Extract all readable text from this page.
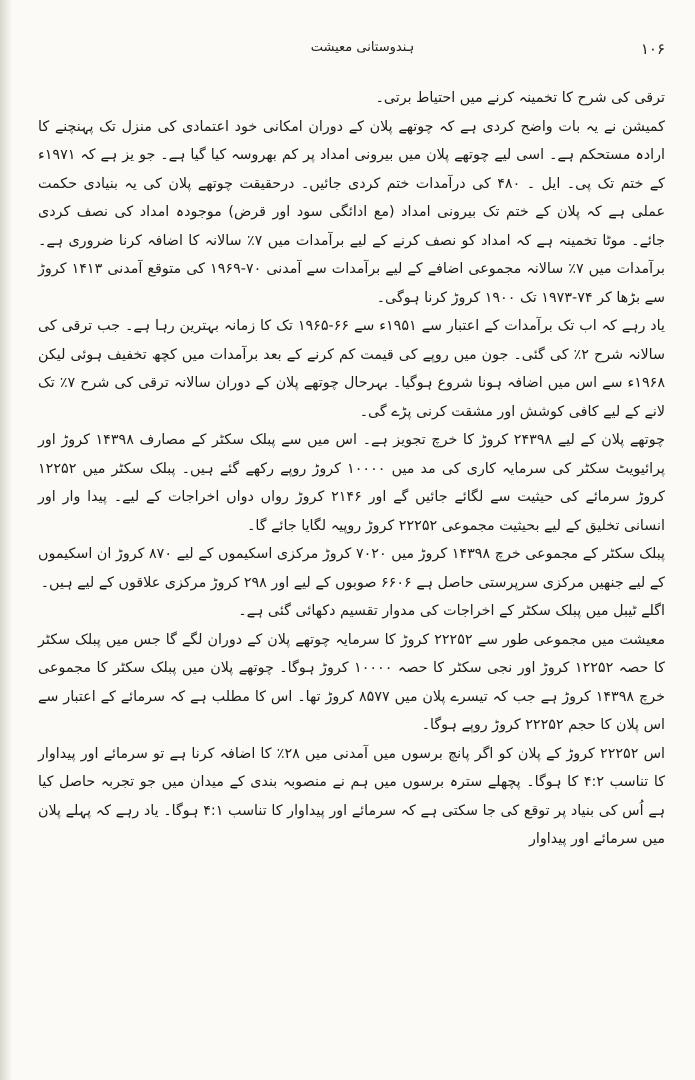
ہندوستانی معیشت	۱۰۶

ترقی کی شرح کا تخمینہ کرنے میں احتیاط برتی۔

کمیشن نے یہ بات واضح کردی ہے کہ چوتھے پلان کے دوران امکانی خود اعتمادی کی منزل تک پہنچنے کا ارادہ مستحکم ہے۔ اسی لیے چوتھے پلان میں بیرونی امداد پر کم بھروسہ کیا گیا ہے۔ جو یز ہے کہ ۱۹۷۱ء کے ختم تک پی۔ ایل ۔ ۴۸۰ کی درآمدات ختم کردی جائیں۔ درحقیقت چوتھے پلان کی یہ بنیادی حکمت عملی ہے کہ پلان کے ختم تک بیرونی امداد (مع ادائگی سود اور قرض) موجودہ امداد کی نصف کردی جائے۔ موٹا تخمینہ ہے کہ امداد کو نصف کرنے کے لیے برآمدات میں ۷٪ سالانہ کا اضافہ کرنا ضروری ہے۔ برآمدات میں ۷٪ سالانہ مجموعی اضافے کے لیے برآمدات سے آمدنی ۷۰-۱۹۶۹ کی متوقع آمدنی ۱۴۱۳ کروڑ سے بڑھا کر ۷۴-۱۹۷۳ تک ۱۹۰۰ کروڑ کرنا ہوگی۔

یاد رہے کہ اب تک برآمدات کے اعتبار سے ۱۹۵۱ء سے ۶۶-۱۹۶۵ تک کا زمانہ بہترین رہا ہے۔ جب ترقی کی سالانہ شرح ۲٪ کی گئی۔ جون میں روپے کی قیمت کم کرنے کے بعد برآمدات میں کچھ تخفیف ہوئی لیکن ۱۹۶۸ء سے اس میں اضافہ ہونا شروع ہوگیا۔ بہرحال چوتھے پلان کے دوران سالانہ ترقی کی شرح ۷٪ تک لانے کے لیے کافی کوشش اور مشقت کرنی پڑے گی۔

چوتھے پلان کے لیے ۲۴۳۹۸ کروڑ کا خرچ تجویز ہے۔ اس میں سے پبلک سکٹر کے مصارف ۱۴۳۹۸ کروڑ اور پرائیویٹ سکٹر کی سرمایہ کاری کی مد میں ۱۰۰۰۰ کروڑ روپے رکھے گئے ہیں۔ پبلک سکٹر میں ۱۲۲۵۲ کروڑ سرمائے کی حیثیت سے لگائے جائیں گے اور ۲۱۴۶ کروڑ رواں دواں اخراجات کے لیے۔ پیدا وار اور انسانی تخلیق کے لیے بحیثیت مجموعی ۲۲۲۵۲ کروڑ روپیہ لگایا جائے گا۔

پبلک سکٹر کے مجموعی خرچ ۱۴۳۹۸ کروڑ میں ۷۰۲۰ کروڑ مرکزی اسکیموں کے لیے ۸۷۰ کروڑ ان اسکیموں کے لیے جنھیں مرکزی سرپرستی حاصل ہے ۶۶۰۶ صوبوں کے لیے اور ۲۹۸ کروڑ مرکزی علاقوں کے لیے ہیں۔

اگلے ٹیبل میں پبلک سکٹر کے اخراجات کی مدوار تقسیم دکھائی گئی ہے۔

معیشت میں مجموعی طور سے ۲۲۲۵۲ کروڑ کا سرمایہ چوتھے پلان کے دوران لگے گا جس میں پبلک سکٹر کا حصہ ۱۲۲۵۲ کروڑ اور نجی سکٹر کا حصہ ۱۰۰۰۰ کروڑ ہوگا۔ چوتھے پلان میں پبلک سکٹر کا مجموعی خرچ ۱۴۳۹۸ کروڑ ہے جب کہ تیسرے پلان میں ۸۵۷۷ کروڑ تھا۔ اس کا مطلب ہے کہ سرمائے کے اعتبار سے اس پلان کا حجم ۲۲۲۵۲ کروڑ روپے ہوگا۔

اس ۲۲۲۵۲ کروڑ کے پلان کو اگر پانچ برسوں میں آمدنی میں ۲۸٪ کا اضافہ کرنا ہے تو سرمائے اور پیداوار کا تناسب ۴:۲ کا ہوگا۔ پچھلے سترہ برسوں میں ہم نے منصوبہ بندی کے میدان میں جو تجربہ حاصل کیا ہے اُس کی بنیاد پر توقع کی جا سکتی ہے کہ سرمائے اور پیداوار کا تناسب ۴:۱ ہوگا۔ یاد رہے کہ پہلے پلان میں سرمائے اور پیداوار
